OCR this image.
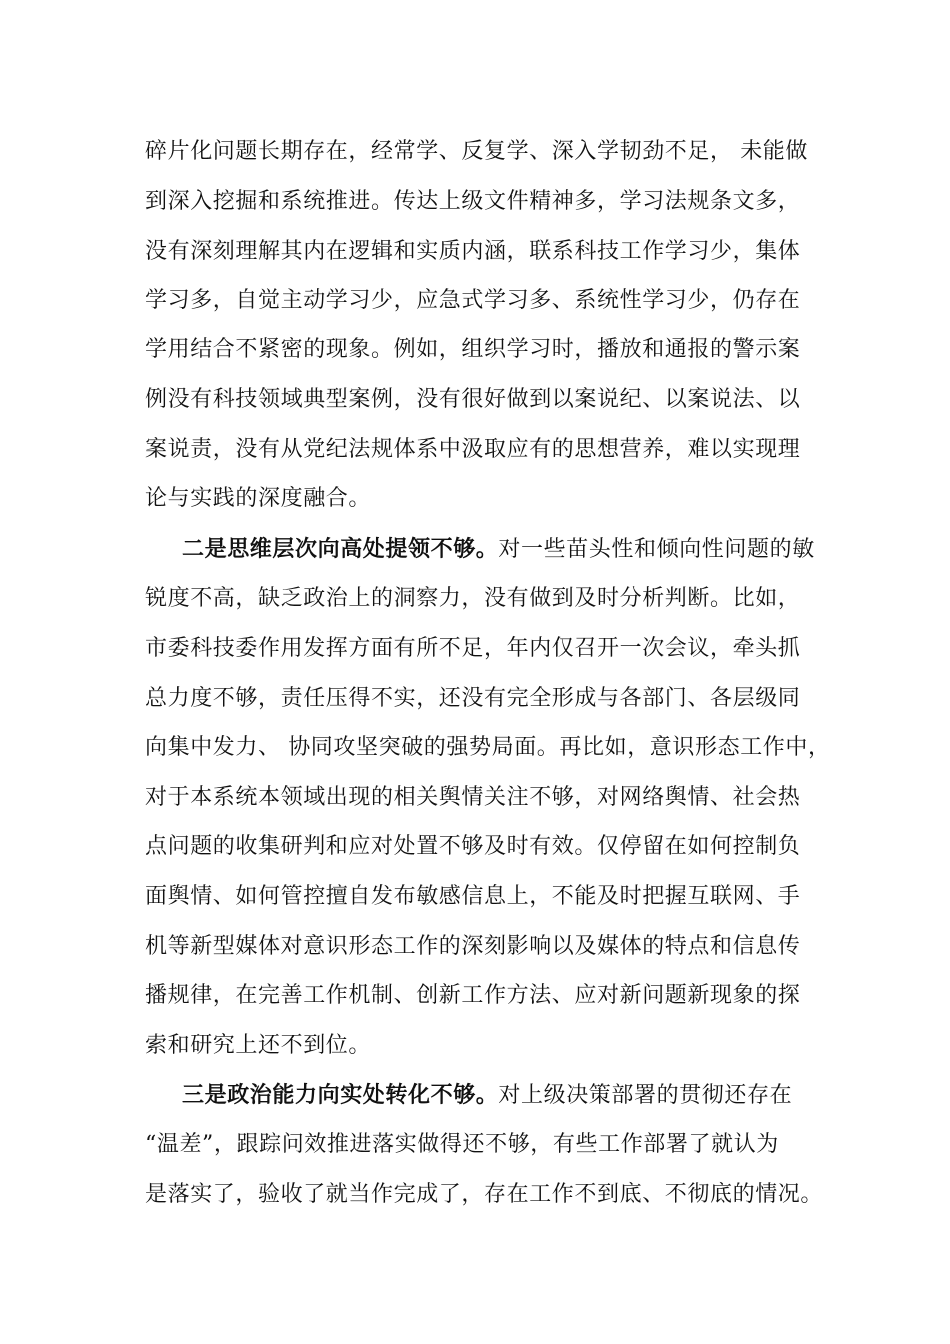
碎片化问题长期存在，经常学、反复学、深入学韧劲不足， 未能做
到深入挖掘和系统推进。传达上级文件精神多，学习法规条文多，
没有深刻理解其内在逻辑和实质内涵，联系科技工作学习少，集体
学习多，自觉主动学习少，应急式学习多、系统性学习少，仍存在
学用结合不紧密的现象。例如，组织学习时，播放和通报的警示案
例没有科技领域典型案例，没有很好做到以案说纪、以案说法、以
案说责，没有从党纪法规体系中汲取应有的思想营养，难以实现理
论与实践的深度融合。
二是思维层次向高处提领不够。对一些苗头性和倾向性问题的敏
锐度不高，缺乏政治上的洞察力，没有做到及时分析判断。比如，
市委科技委作用发挥方面有所不足，年内仅召开一次会议，牵头抓
总力度不够，责任压得不实，还没有完全形成与各部门、各层级同
向集中发力、 协同攻坚突破的强势局面。再比如，意识形态工作中，
对于本系统本领域出现的相关舆情关注不够，对网络舆情、社会热
点问题的收集研判和应对处置不够及时有效。仅停留在如何控制负
面舆情、如何管控擅自发布敏感信息上，不能及时把握互联网、手
机等新型媒体对意识形态工作的深刻影响以及媒体的特点和信息传
播规律，在完善工作机制、创新工作方法、应对新问题新现象的探
索和研究上还不到位。
三是政治能力向实处转化不够。对上级决策部署的贯彻还存在
“温差”，跟踪问效推进落实做得还不够，有些工作部署了就认为
是落实了，验收了就当作完成了，存在工作不到底、不彻底的情况。
